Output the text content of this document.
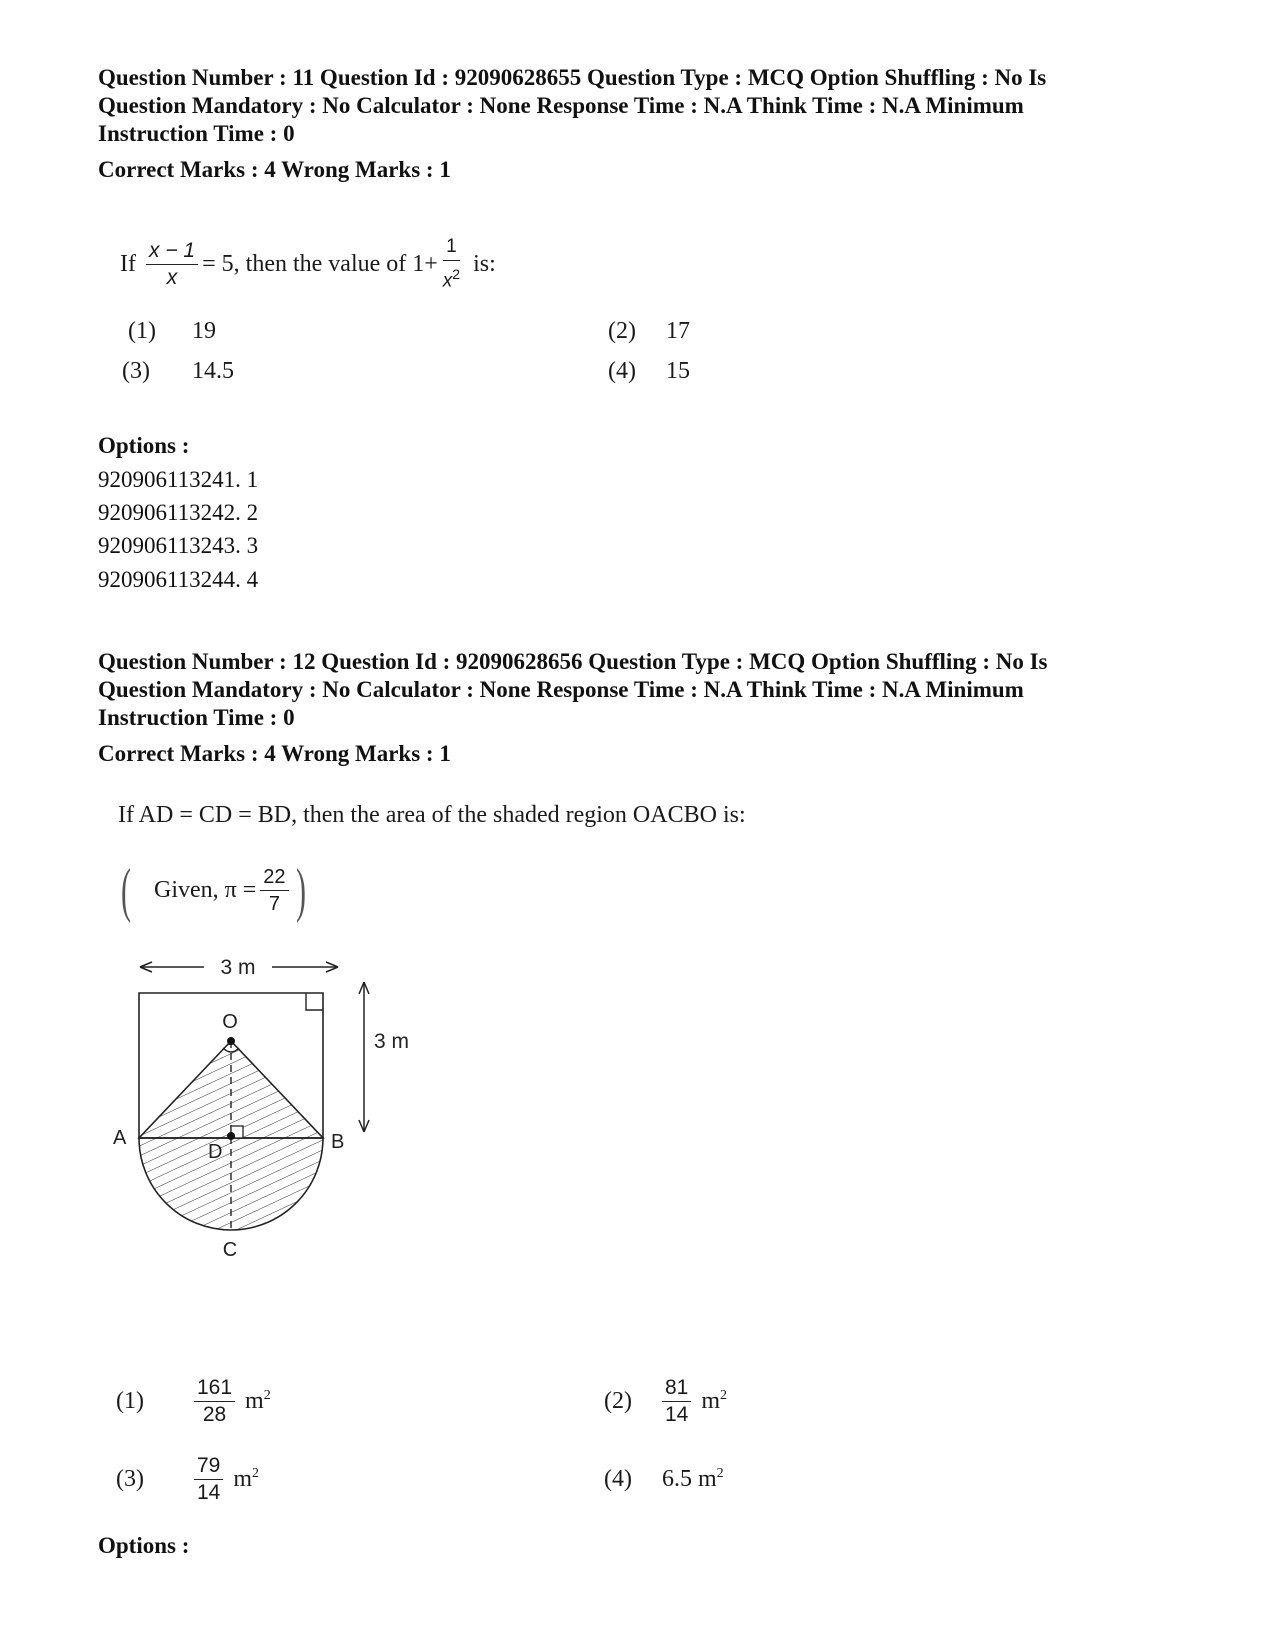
Question Number : 11 Question Id : 92090628655 Question Type : MCQ Option Shuffling : No Is
Question Mandatory : No Calculator : None Response Time : N.A Think Time : N.A Minimum
Instruction Time : 0
Correct Marks : 4 Wrong Marks : 1
If $\frac{x - 1}{x} = 5$, then the value of $1+ \frac{1}{x^2}$ is:
(1) 19	(2) 17
(3) 14.5	(4) 15
Options :
920906113241. 1
920906113242. 2
920906113243. 3
920906113244. 4
Question Number : 12 Question Id : 92090628656 Question Type : MCQ Option Shuffling : No Is
Question Mandatory : No Calculator : None Response Time : N.A Think Time : N.A Minimum
Instruction Time : 0
Correct Marks : 4 Wrong Marks : 1
If AD = CD = BD, then the area of the shaded region OACBO is:
( Given, $\pi = \frac{22}{7}$ )
3 m
3 m
O
A	B
D
C
(1)	$\frac{161}{28} m^2$	(2)	$\frac{81}{14} m^2$
(3)	$\frac{79}{14} m^2$	(4)	6.5 $m^2$
Options :
